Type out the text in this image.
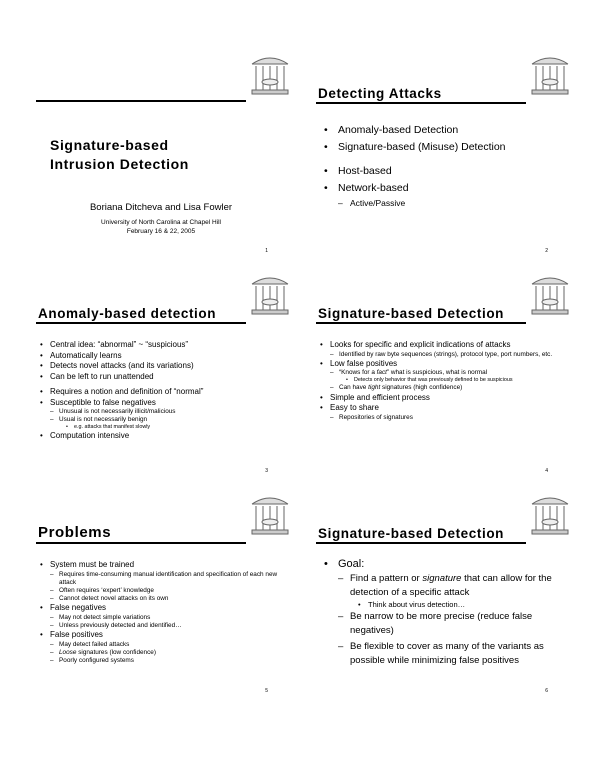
Signature-based
Intrusion Detection
Boriana Ditcheva and Lisa Fowler
University of North Carolina at Chapel Hill
February 16 & 22, 2005
1
Detecting Attacks
• Anomaly-based Detection
• Signature-based (Misuse) Detection
• Host-based
• Network-based
– Active/Passive
2
Anomaly-based detection
• Central idea: “abnormal” ~ “suspicious”
• Automatically learns
• Detects novel attacks (and its variations)
• Can be left to run unattended
• Requires a notion and definition of “normal”
• Susceptible to false negatives
– Unusual is not necessarily illicit/malicious
– Usual is not necessarily benign
• e.g. attacks that manifest slowly
• Computation intensive
3
Signature-based Detection
• Looks for specific and explicit indications of attacks
– Identified by raw byte sequences (strings), protocol type, port numbers, etc.
• Low false positives
– “Knows for a fact” what is suspicious, what is normal
• Detects only behavior that was previously defined to be suspicious
– Can have tight signatures (high confidence)
• Simple and efficient process
• Easy to share
– Repositories of signatures
4
Problems
• System must be trained
– Requires time-consuming manual identification and specification of each new attack
– Often requires ‘expert’ knowledge
– Cannot detect novel attacks on its own
• False negatives
– May not detect simple variations
– Unless previously detected and identified…
• False positives
– May detect failed attacks
– Loose signatures (low confidence)
– Poorly configured systems
5
Signature-based Detection
• Goal:
– Find a pattern or signature that can allow for the detection of a specific attack
• Think about virus detection…
– Be narrow to be more precise (reduce false negatives)
– Be flexible to cover as many of the variants as possible while minimizing false positives
6
